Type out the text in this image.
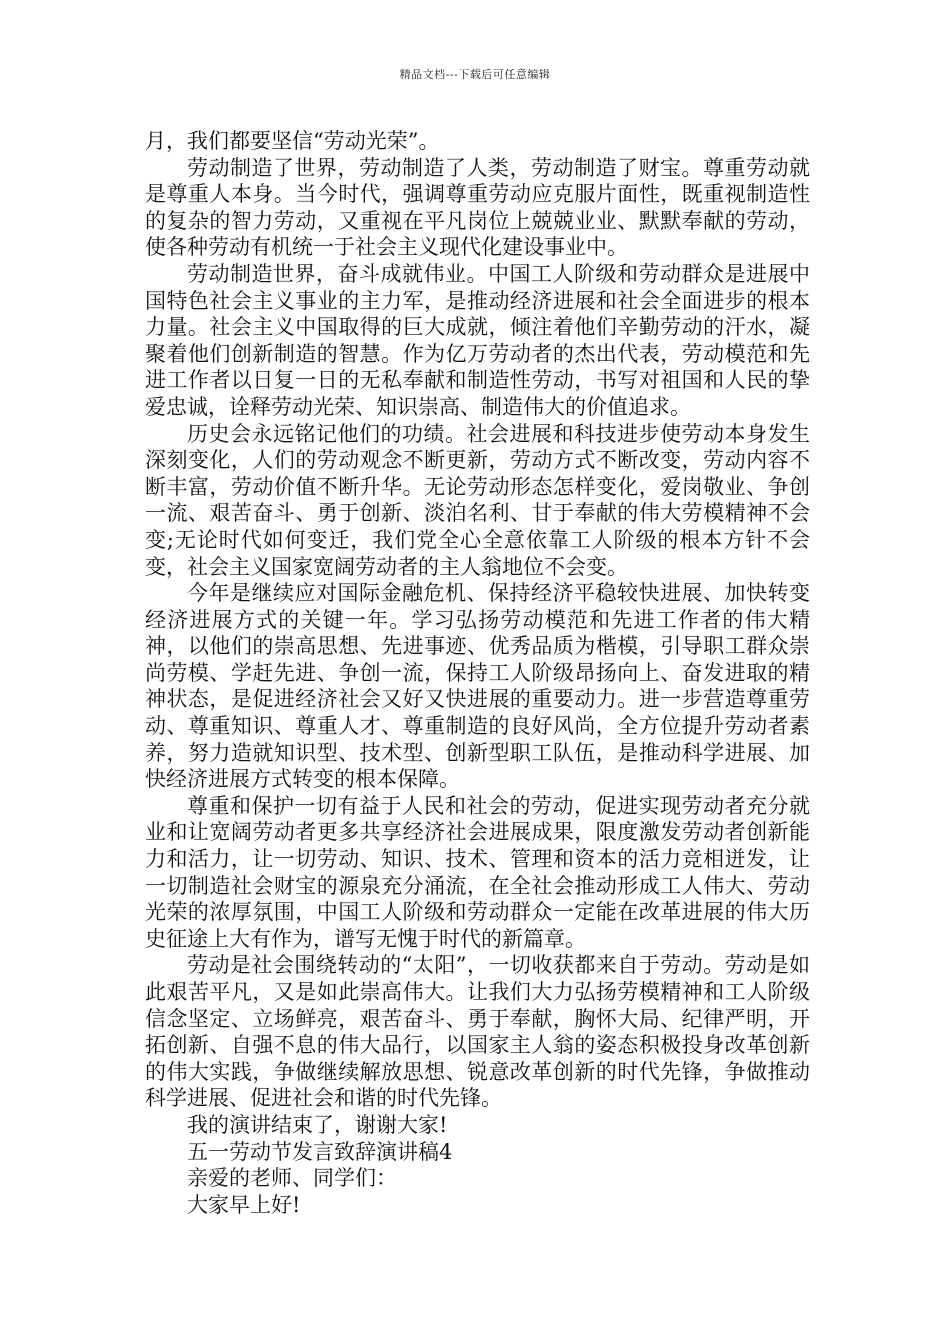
精品文档---下载后可任意编辑

月，我们都要坚信“劳动光荣”。

劳动制造了世界，劳动制造了人类，劳动制造了财宝。尊重劳动就是尊重人本身。当今时代，强调尊重劳动应克服片面性，既重视制造性的复杂的智力劳动，又重视在平凡岗位上兢兢业业、默默奉献的劳动，使各种劳动有机统一于社会主义现代化建设事业中。

劳动制造世界，奋斗成就伟业。中国工人阶级和劳动群众是进展中国特色社会主义事业的主力军，是推动经济进展和社会全面进步的根本力量。社会主义中国取得的巨大成就，倾注着他们辛勤劳动的汗水，凝聚着他们创新制造的智慧。作为亿万劳动者的杰出代表，劳动模范和先进工作者以日复一日的无私奉献和制造性劳动，书写对祖国和人民的挚爱忠诚，诠释劳动光荣、知识崇高、制造伟大的价值追求。

历史会永远铭记他们的功绩。社会进展和科技进步使劳动本身发生深刻变化，人们的劳动观念不断更新，劳动方式不断改变，劳动内容不断丰富，劳动价值不断升华。无论劳动形态怎样变化，爱岗敬业、争创一流、艰苦奋斗、勇于创新、淡泊名利、甘于奉献的伟大劳模精神不会变;无论时代如何变迁，我们党全心全意依靠工人阶级的根本方针不会变，社会主义国家宽阔劳动者的主人翁地位不会变。

今年是继续应对国际金融危机、保持经济平稳较快进展、加快转变经济进展方式的关键一年。学习弘扬劳动模范和先进工作者的伟大精神，以他们的崇高思想、先进事迹、优秀品质为楷模，引导职工群众崇尚劳模、学赶先进、争创一流，保持工人阶级昂扬向上、奋发进取的精神状态，是促进经济社会又好又快进展的重要动力。进一步营造尊重劳动、尊重知识、尊重人才、尊重制造的良好风尚，全方位提升劳动者素养，努力造就知识型、技术型、创新型职工队伍，是推动科学进展、加快经济进展方式转变的根本保障。

尊重和保护一切有益于人民和社会的劳动，促进实现劳动者充分就业和让宽阔劳动者更多共享经济社会进展成果，限度激发劳动者创新能力和活力，让一切劳动、知识、技术、管理和资本的活力竞相迸发，让一切制造社会财宝的源泉充分涌流，在全社会推动形成工人伟大、劳动光荣的浓厚氛围，中国工人阶级和劳动群众一定能在改革进展的伟大历史征途上大有作为，谱写无愧于时代的新篇章。

劳动是社会围绕转动的“太阳”，一切收获都来自于劳动。劳动是如此艰苦平凡，又是如此崇高伟大。让我们大力弘扬劳模精神和工人阶级信念坚定、立场鲜亮，艰苦奋斗、勇于奉献，胸怀大局、纪律严明，开拓创新、自强不息的伟大品行，以国家主人翁的姿态积极投身改革创新的伟大实践，争做继续解放思想、锐意改革创新的时代先锋，争做推动科学进展、促进社会和谐的时代先锋。

我的演讲结束了，谢谢大家!

五一劳动节发言致辞演讲稿4

亲爱的老师、同学们：

大家早上好!
